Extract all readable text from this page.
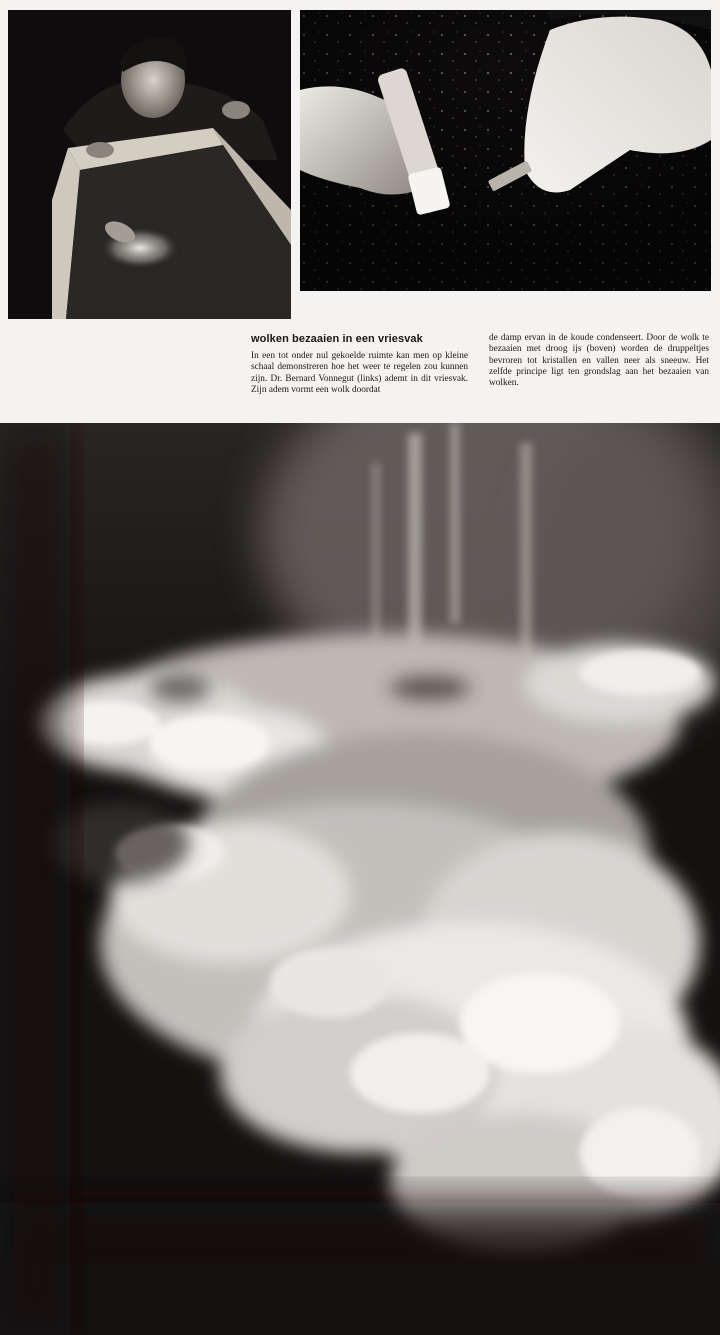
wolken bezaaien in een vriesvak

In een tot onder nul gekoelde ruimte kan men op kleine schaal demonstreren hoe het weer te regelen zou kunnen zijn. Dr. Bernard Vonnegut (links) ademt in dit vriesvak. Zijn adem vormt een wolk doordat

de damp ervan in de koude condenseert. Door de wolk te bezaaien met droog ijs (boven) worden de druppeltjes bevroren tot kristallen en vallen neer als sneeuw. Het zelfde principe ligt ten grondslag aan het bezaaien van wolken.
